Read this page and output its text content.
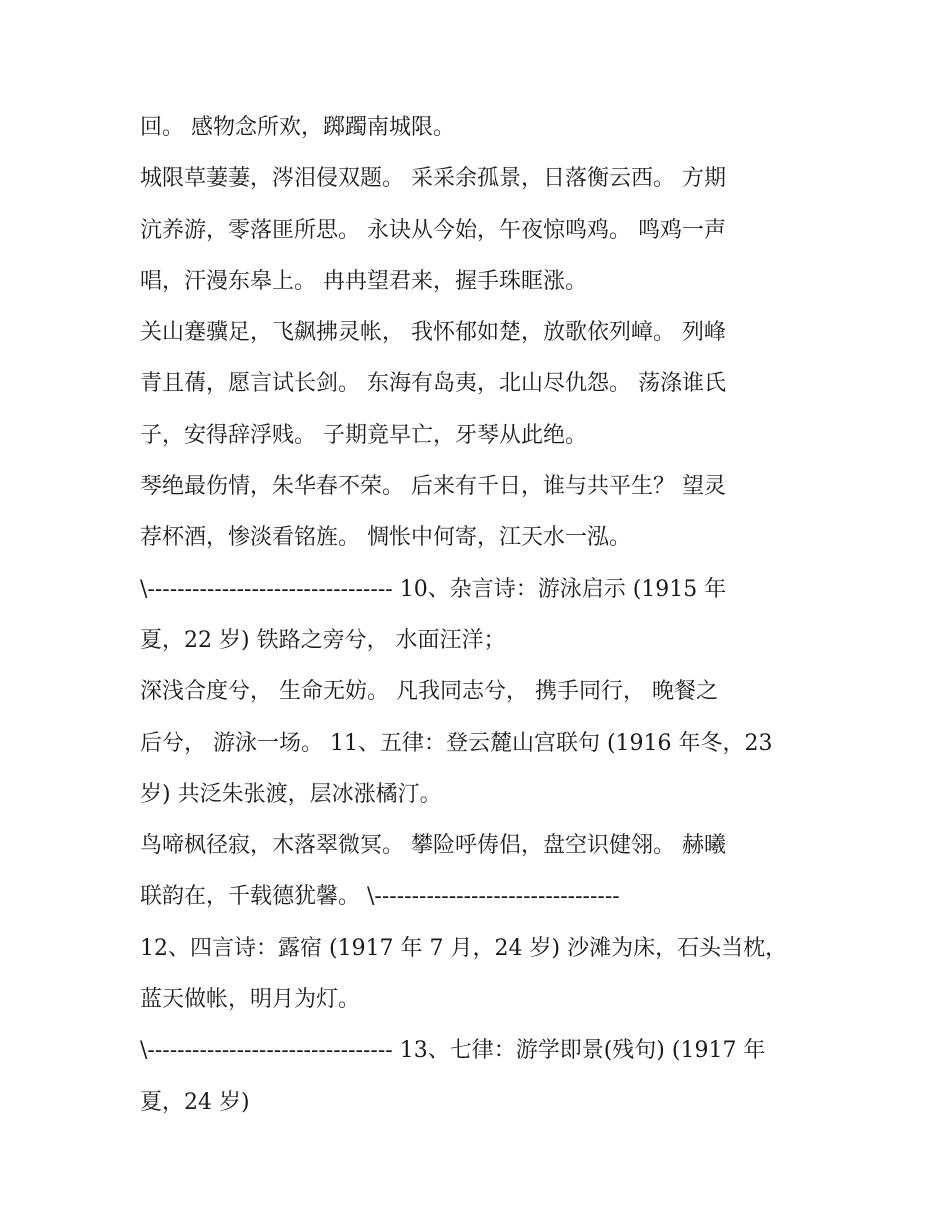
回。 感物念所欢，踯躅南城限。

城限草萋萋，涔泪侵双题。 采采余孤景，日落衡云西。 方期
沆养游，零落匪所思。 永诀从今始，午夜惊鸣鸡。 鸣鸡一声
唱，汗漫东皋上。 冉冉望君来，握手珠眶涨。

关山蹇骥足，飞飙拂灵帐， 我怀郁如楚，放歌依列嶂。 列峰
青且蒨，愿言试长剑。 东海有岛夷，北山尽仇怨。 荡涤谁氏
子，安得辞浮贱。 子期竟早亡，牙琴从此绝。

琴绝最伤情，朱华春不荣。 后来有千日，谁与共平生？ 望灵
荐杯酒，惨淡看铭旌。 惆怅中何寄，江天水一泓。

\--------------------------------- 10、杂言诗：游泳启示 (1915 年
夏，22 岁) 铁路之旁兮， 水面汪洋；

深浅合度兮， 生命无妨。 凡我同志兮， 携手同行， 晚餐之
后兮， 游泳一场。 11、五律：登云麓山宫联句 (1916 年冬，23
岁) 共泛朱张渡，层冰涨橘汀。

鸟啼枫径寂，木落翠微冥。 攀险呼俦侣，盘空识健翎。 赫曦
联韵在，千载德犹馨。 \---------------------------------

12、四言诗：露宿 (1917 年 7 月，24 岁) 沙滩为床，石头当枕，
蓝天做帐，明月为灯。

\--------------------------------- 13、七律：游学即景(残句) (1917 年
夏，24 岁)
